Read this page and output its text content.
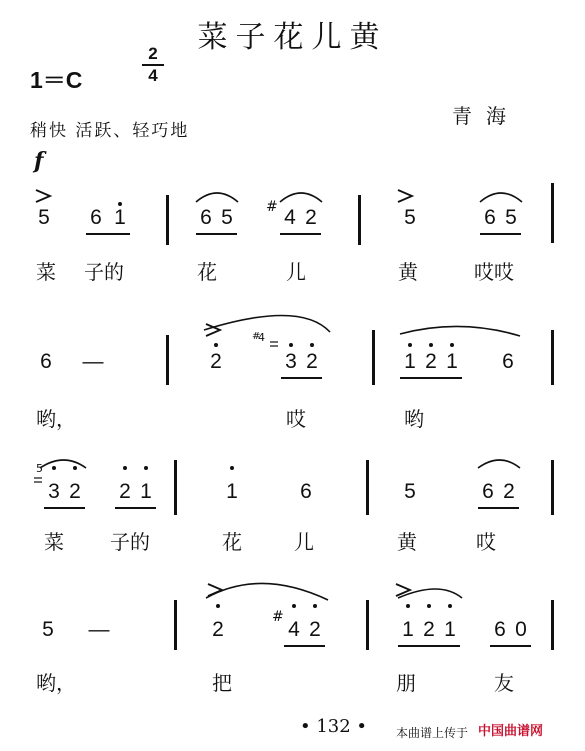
菜子花儿黄
1＝C
2
4
稍快 活跃、轻巧地
青海
f
5 6 1	6 5 4 2	5	6 5
#
菜 子的	花	儿	黄	哎哎
6 —	2	3 2	1 2 1 6
4
#
哟，	哎	哟
3 2 2 1	1	6	5	6 2
5
菜 子的	花	儿	黄	哎
5 —	2	4 2	1 2 1 6 0
#
哟，	把	朋	友
• 132 • 本曲谱上传于 中国曲谱网
